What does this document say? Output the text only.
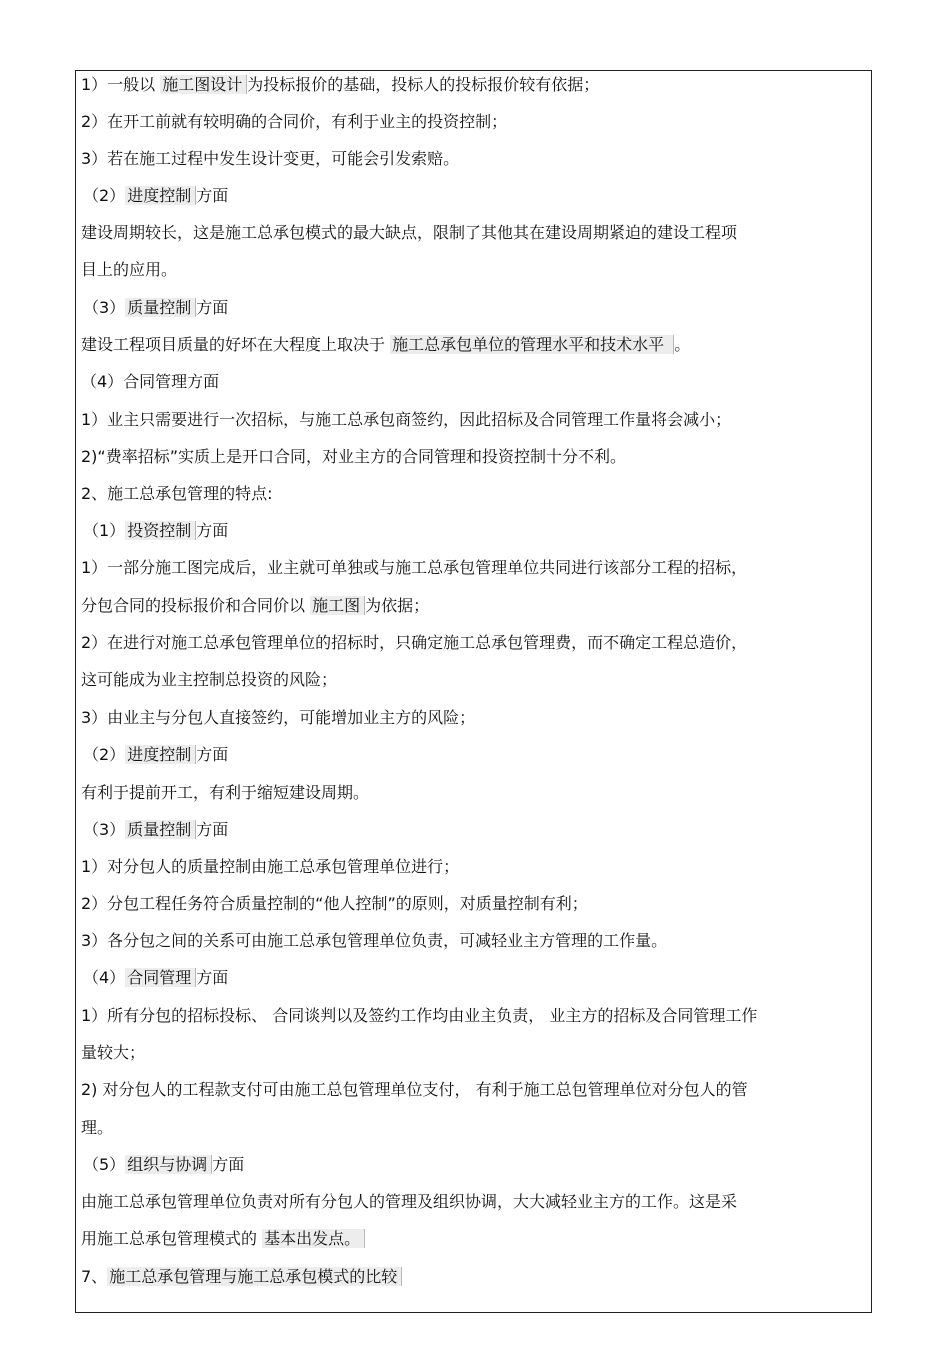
1）一般以 施工图设计 为投标报价的基础，投标人的投标报价较有依据；
2）在开工前就有较明确的合同价，有利于业主的投资控制；
3）若在施工过程中发生设计变更，可能会引发索赔。
（2） 进度控制 方面
建设周期较长，这是施工总承包模式的最大缺点，限制了其他其在建设周期紧迫的建设工程项
目上的应用。
（3） 质量控制 方面
建设工程项目质量的好坏在大程度上取决于 施工总承包单位的管理水平和技术水平 。
（4）合同管理方面
1）业主只需要进行一次招标，与施工总承包商签约，因此招标及合同管理工作量将会减小；
2)“费率招标”实质上是开口合同，对业主方的合同管理和投资控制十分不利。
2、施工总承包管理的特点:
（1） 投资控制 方面
1）一部分施工图完成后，业主就可单独或与施工总承包管理单位共同进行该部分工程的招标，
分包合同的投标报价和合同价以 施工图 为依据；
2）在进行对施工总承包管理单位的招标时，只确定施工总承包管理费，而不确定工程总造价，
这可能成为业主控制总投资的风险；
3）由业主与分包人直接签约，可能增加业主方的风险；
（2） 进度控制 方面
有利于提前开工，有利于缩短建设周期。
（3） 质量控制 方面
1）对分包人的质量控制由施工总承包管理单位进行；
2）分包工程任务符合质量控制的“他人控制”的原则，对质量控制有利；
3）各分包之间的关系可由施工总承包管理单位负责，可减轻业主方管理的工作量。
（4） 合同管理 方面
1）所有分包的招标投标、 合同谈判以及签约工作均由业主负责， 业主方的招标及合同管理工作
量较大；
2) 对分包人的工程款支付可由施工总包管理单位支付， 有利于施工总包管理单位对分包人的管
理。
（5） 组织与协调 方面
由施工总承包管理单位负责对所有分包人的管理及组织协调，大大减轻业主方的工作。这是采
用施工总承包管理模式的 基本出发点。
7、 施工总承包管理与施工总承包模式的比较
